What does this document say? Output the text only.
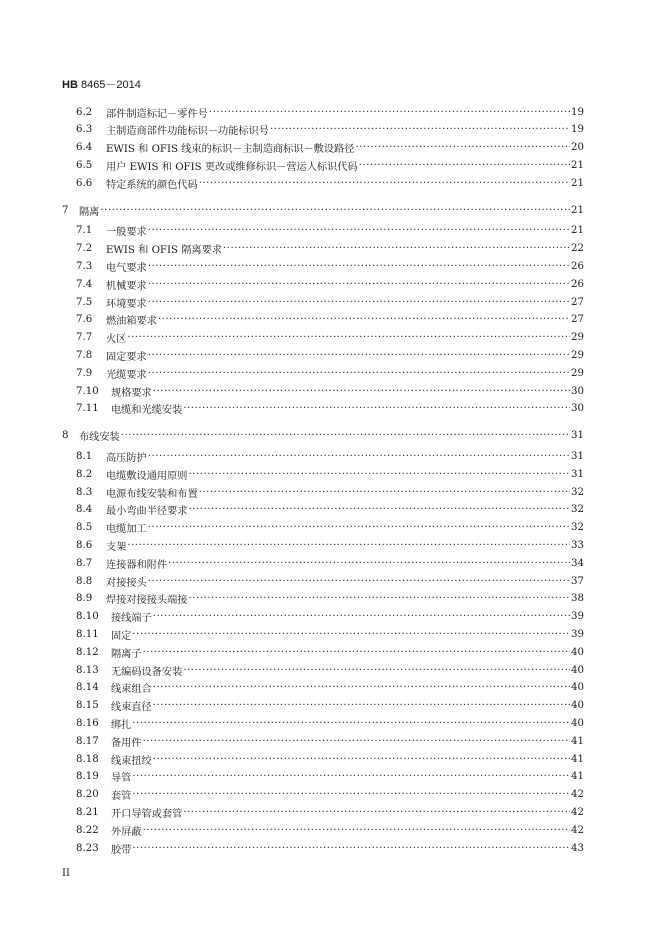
HB 8465－2014
6.2	部件制造标记－零件号 ·····	19
6.3	主制造商部件功能标识－功能标识号 ·····	19
6.4	EWIS 和 OFIS 线束的标识－主制造商标识－敷设路径 ·····	20
6.5	用户 EWIS 和 OFIS 更改或维修标识－营运人标识代码 ·····	21
6.6	特定系统的颜色代码 ·····	21
7	隔离 ·····	21
7.1	一般要求 ·····	21
7.2	EWIS 和 OFIS 隔离要求 ·····	22
7.3	电气要求 ·····	26
7.4	机械要求 ·····	26
7.5	环境要求 ·····	27
7.6	燃油箱要求 ·····	27
7.7	火区 ·····	29
7.8	固定要求 ·····	29
7.9	光缆要求 ·····	29
7.10	规格要求 ·····	30
7.11	电缆和光缆安装 ·····	30
8	布线安装 ·····	31
8.1	高压防护 ·····	31
8.2	电缆敷设通用原则 ·····	31
8.3	电源布线安装和布置 ·····	32
8.4	最小弯曲半径要求 ·····	32
8.5	电缆加工 ·····	32
8.6	支架 ·····	33
8.7	连接器和附件 ·····	34
8.8	对接接头 ·····	37
8.9	焊接对接接头端接 ·····	38
8.10	接线端子 ·····	39
8.11	固定 ·····	39
8.12	隔离子 ·····	40
8.13	无编码设备安装 ·····	40
8.14	线束组合 ·····	40
8.15	线束直径 ·····	40
8.16	绑扎 ·····	40
8.17	备用件 ·····	41
8.18	线束扭绞 ·····	41
8.19	导管 ·····	41
8.20	套管 ·····	42
8.21	开口导管或套管 ·····	42
8.22	外屏蔽 ·····	42
8.23	胶带 ·····	43
II
